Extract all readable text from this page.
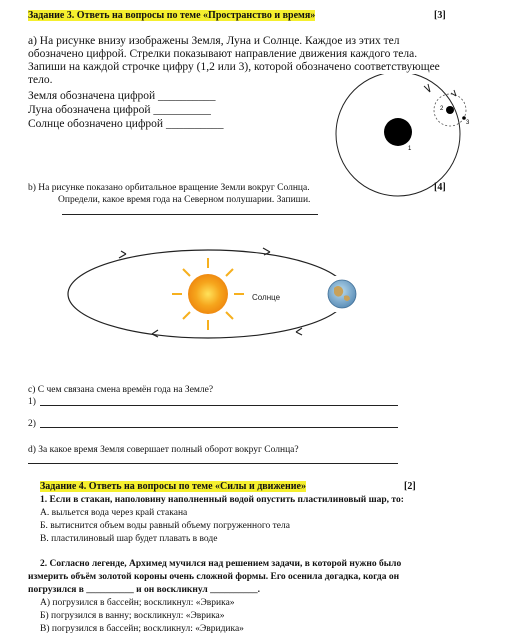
Задание 3. Ответь на вопросы по теме «Пространство и время»	[3]
а) На рисунке внизу изображены Земля, Луна и Солнце. Каждое из этих тел
обозначено цифрой. Стрелки показывают направление движения каждого тела.
Запиши на каждой строчке цифру (1,2 или 3), которой обозначено соответствующее
тело.
Земля обозначена цифрой __________
Луна обозначена цифрой __________
Солнце обозначено цифрой __________
1
2
3
b) На рисунке показано орбитальное вращение Земли вокруг Солнца.
Определи, какое время года на Северном полушарии. Запиши.
[4]
Солнце
c) С чем связана смена времён года на Земле?
1)
2)
d) За какое время Земля совершает полный оборот вокруг Солнца?
Задание 4. Ответь на вопросы по теме «Силы и движение»	[2]
1. Если в стакан, наполовину наполненный водой опустить пластилиновый шар, то:
А. выльется вода через край стакана
Б. вытиснится объем воды равный объему погруженного тела
В. пластилиновый шар будет плавать в воде
2. Согласно легенде, Архимед мучился над решением задачи, в которой нужно было
измерить объём золотой короны очень сложной формы. Его осенила догадка, когда он
погрузился в __________ и он воскликнул __________.
А) погрузился в бассейн; воскликнул: «Эврика»
Б) погрузился в ванну; воскликнул: «Эврика»
В) погрузился в бассейн; воскликнул: «Эвридика»
